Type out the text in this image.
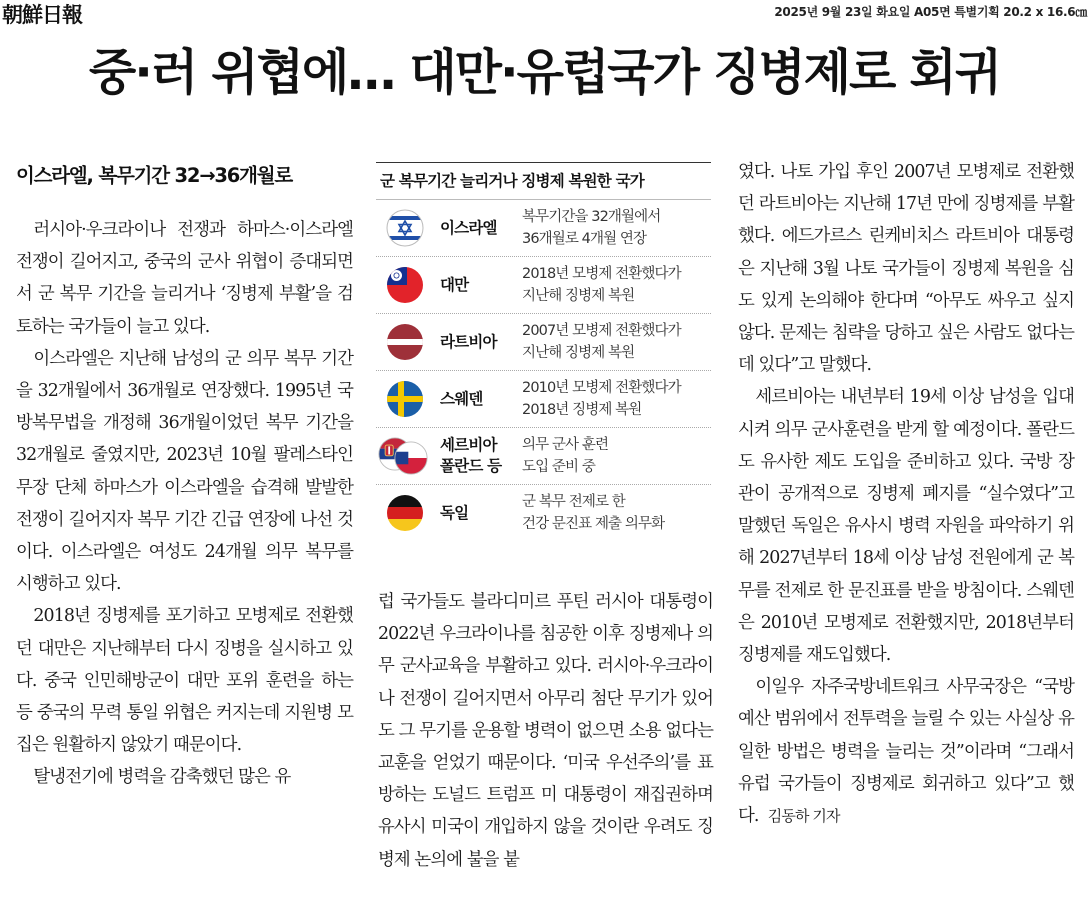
朝鮮日報	2025년 9월 23일 화요일 A05면 특별기획 20.2 x 16.6㎝
중·러 위협에… 대만·유럽국가 징병제로 회귀
이스라엘, 복무기간 32→36개월로

러시아·우크라이나 전쟁과 하마스·이스라엘 전쟁이 길어지고, 중국의 군사 위협이 증대되면서 군 복무 기간을 늘리거나 ‘징병제 부활’을 검토하는 국가들이 늘고 있다.

이스라엘은 지난해 남성의 군 의무 복무 기간을 32개월에서 36개월로 연장했다. 1995년 국방복무법을 개정해 36개월이었던 복무 기간을 32개월로 줄였지만, 2023년 10월 팔레스타인 무장 단체 하마스가 이스라엘을 습격해 발발한 전쟁이 길어지자 복무 기간 긴급 연장에 나선 것이다. 이스라엘은 여성도 24개월 의무 복무를 시행하고 있다.

2018년 징병제를 포기하고 모병제로 전환했던 대만은 지난해부터 다시 징병을 실시하고 있다. 중국 인민해방군이 대만 포위 훈련을 하는 등 중국의 무력 통일 위협은 커지는데 지원병 모집은 원활하지 않았기 때문이다.

탈냉전기에 병력을 감축했던 많은 유

군 복무기간 늘리거나 징병제 복원한 국가
이스라엘
복무기간을 32개월에서
36개월로 4개월 연장
대만
2018년 모병제 전환했다가
지난해 징병제 복원
라트비아
2007년 모병제 전환했다가
지난해 징병제 복원
스웨덴
2010년 모병제 전환했다가
2018년 징병제 복원
세르비아
폴란드 등
의무 군사 훈련
도입 준비 중
독일
군 복무 전제로 한
건강 문진표 제출 의무화

럽 국가들도 블라디미르 푸틴 러시아 대통령이 2022년 우크라이나를 침공한 이후 징병제나 의무 군사교육을 부활하고 있다. 러시아·우크라이나 전쟁이 길어지면서 아무리 첨단 무기가 있어도 그 무기를 운용할 병력이 없으면 소용 없다는 교훈을 얻었기 때문이다. ‘미국 우선주의’를 표방하는 도널드 트럼프 미 대통령이 재집권하며 유사시 미국이 개입하지 않을 것이란 우려도 징병제 논의에 불을 붙

였다. 나토 가입 후인 2007년 모병제로 전환했던 라트비아는 지난해 17년 만에 징병제를 부활했다. 에드가르스 린케비치스 라트비아 대통령은 지난해 3월 나토 국가들이 징병제 복원을 심도 있게 논의해야 한다며 “아무도 싸우고 싶지 않다. 문제는 침략을 당하고 싶은 사람도 없다는 데 있다”고 말했다.

세르비아는 내년부터 19세 이상 남성을 입대시켜 의무 군사훈련을 받게 할 예정이다. 폴란드도 유사한 제도 도입을 준비하고 있다. 국방 장관이 공개적으로 징병제 폐지를 “실수였다”고 말했던 독일은 유사시 병력 자원을 파악하기 위해 2027년부터 18세 이상 남성 전원에게 군 복무를 전제로 한 문진표를 받을 방침이다. 스웨덴은 2010년 모병제로 전환했지만, 2018년부터 징병제를 재도입했다.

이일우 자주국방네트워크 사무국장은 “국방 예산 범위에서 전투력을 늘릴 수 있는 사실상 유일한 방법은 병력을 늘리는 것”이라며 “그래서 유럽 국가들이 징병제로 회귀하고 있다”고 했다. 김동하 기자
